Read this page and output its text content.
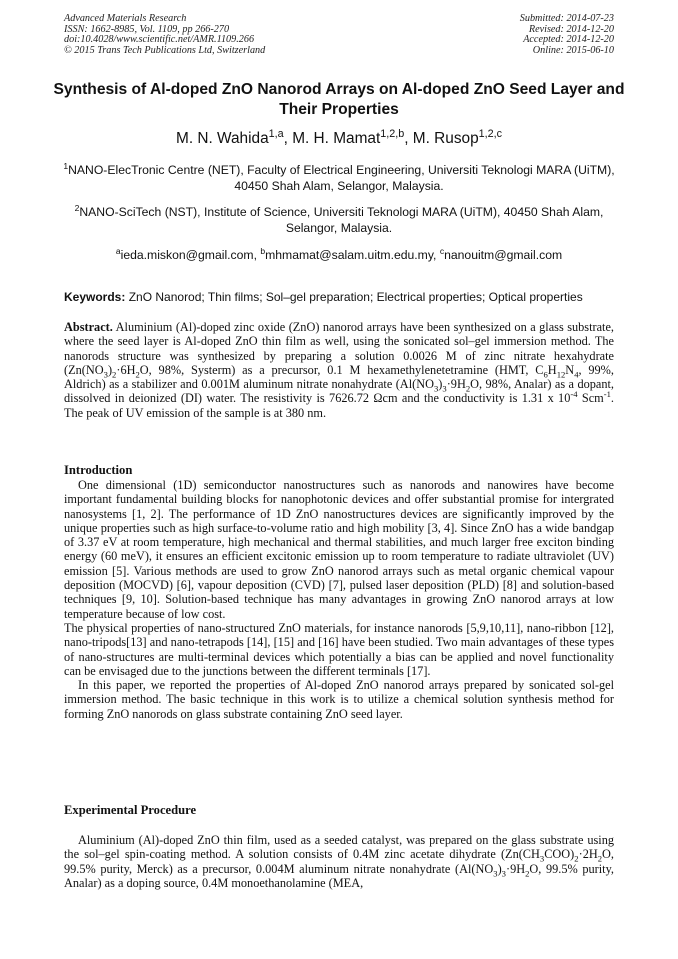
Advanced Materials Research
ISSN: 1662-8985, Vol. 1109, pp 266-270
doi:10.4028/www.scientific.net/AMR.1109.266
© 2015 Trans Tech Publications Ltd, Switzerland
Submitted: 2014-07-23
Revised: 2014-12-20
Accepted: 2014-12-20
Online: 2015-06-10
Synthesis of Al-doped ZnO Nanorod Arrays on Al-doped ZnO Seed Layer and Their Properties
M. N. Wahida$^{1,a}$, M. H. Mamat$^{1,2,b}$, M. Rusop$^{1,2,c}$
$^1$NANO-ElecTronic Centre (NET), Faculty of Electrical Engineering, Universiti Teknologi MARA (UiTM), 40450 Shah Alam, Selangor, Malaysia.
$^2$NANO-SciTech (NST), Institute of Science, Universiti Teknologi MARA (UiTM), 40450 Shah Alam, Selangor, Malaysia.
$^a$ieda.miskon@gmail.com, $^b$mhmamat@salam.uitm.edu.my, $^c$nanouitm@gmail.com
Keywords: ZnO Nanorod; Thin films; Sol–gel preparation; Electrical properties; Optical properties

Abstract. Aluminium (Al)-doped zinc oxide (ZnO) nanorod arrays have been synthesized on a glass substrate, where the seed layer is Al-doped ZnO thin film as well, using the sonicated sol–gel immersion method. The nanorods structure was synthesized by preparing a solution 0.0026 M of zinc nitrate hexahydrate ($Zn(NO_3)_2\cdot 6H_2O$, 98%, Systerm) as a precursor, 0.1 M hexamethylenetetramine (HMT, $C_6H_{12}N_4$, 99%, Aldrich) as a stabilizer and 0.001M aluminum nitrate nonahydrate ($Al(NO_3)_3\cdot 9H_2O$, 98%, Analar) as a dopant, dissolved in deionized (DI) water. The resistivity is 7626.72 Ωcm and the conductivity is 1.31 x $10^{-4}$ Scm$^{-1}$. The peak of UV emission of the sample is at 380 nm.

Introduction

One dimensional (1D) semiconductor nanostructures such as nanorods and nanowires have become important fundamental building blocks for nanophotonic devices and offer substantial promise for intergrated nanosystems [1, 2]. The performance of 1D ZnO nanostructures devices are significantly improved by the unique properties such as high surface-to-volume ratio and high mobility [3, 4]. Since ZnO has a wide bandgap of 3.37 eV at room temperature, high mechanical and thermal stabilities, and much larger free exciton binding energy (60 meV), it ensures an efficient excitonic emission up to room temperature to radiate ultraviolet (UV) emission [5]. Various methods are used to grow ZnO nanorod arrays such as metal organic chemical vapour deposition (MOCVD) [6], vapour deposition (CVD) [7], pulsed laser deposition (PLD) [8] and solution-based techniques [9, 10]. Solution-based technique has many advantages in growing ZnO nanorod arrays at low temperature because of low cost.

The physical properties of nano-structured ZnO materials, for instance nanorods [5,9,10,11], nano-ribbon [12], nano-tripods[13] and nano-tetrapods [14], [15] and [16] have been studied. Two main advantages of these types of nano-structures are multi-terminal devices which potentially a bias can be applied and novel functionality can be envisaged due to the junctions between the different terminals [17].

In this paper, we reported the properties of Al-doped ZnO nanorod arrays prepared by sonicated sol-gel immersion method. The basic technique in this work is to utilize a chemical solution synthesis method for forming ZnO nanorods on glass substrate containing ZnO seed layer.

Experimental Procedure

Aluminium (Al)-doped ZnO thin film, used as a seeded catalyst, was prepared on the glass substrate using the sol–gel spin-coating method. A solution consists of 0.4M zinc acetate dihydrate ($Zn(CH_3COO)_2\cdot 2H_2O$, 99.5% purity, Merck) as a precursor, 0.004M aluminum nitrate nonahydrate ($Al(NO_3)_3\cdot 9H_2O$, 99.5% purity, Analar) as a doping source, 0.4M monoethanolamine (MEA,
